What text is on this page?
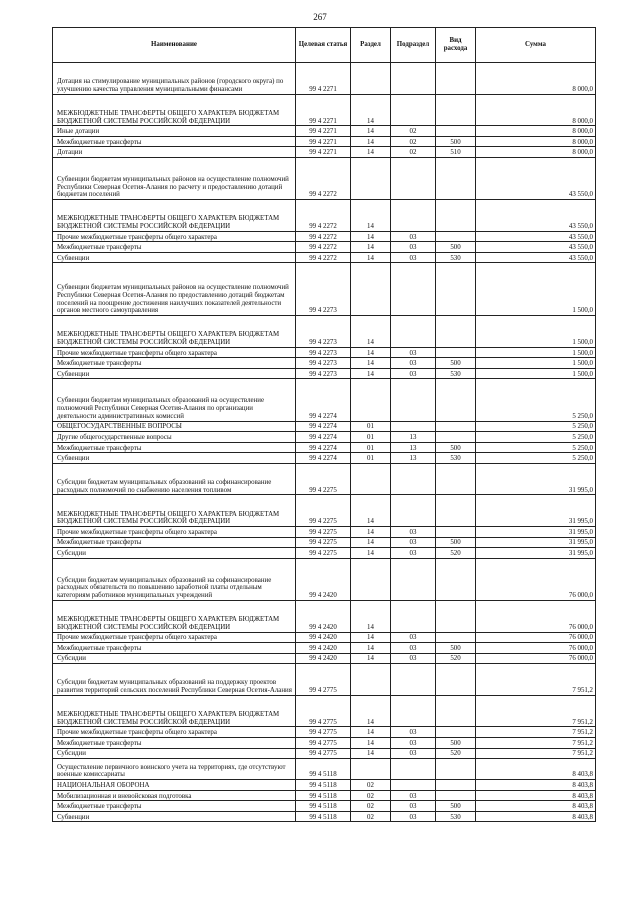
267
Наименование	Целевая статья	Раздел	Подраздел	Вид расхода	Сумма
Дотация на стимулирование муниципальных районов (городского округа) по улучшению качества управления муниципальными финансами	99 4 2271				8 000,0
МЕЖБЮДЖЕТНЫЕ ТРАНСФЕРТЫ ОБЩЕГО ХАРАКТЕРА БЮДЖЕТАМ БЮДЖЕТНОЙ СИСТЕМЫ РОССИЙСКОЙ ФЕДЕРАЦИИ	99 4 2271	14			8 000,0
Иные дотации	99 4 2271	14	02		8 000,0
Межбюджетные трансферты	99 4 2271	14	02	500	8 000,0
Дотации	99 4 2271	14	02	510	8 000,0
Субвенции бюджетам муниципальных районов на осуществление полномочий Республики Северная Осетия-Алания по расчету и предоставлению дотаций бюджетам поселений	99 4 2272				43 550,0
МЕЖБЮДЖЕТНЫЕ ТРАНСФЕРТЫ ОБЩЕГО ХАРАКТЕРА БЮДЖЕТАМ БЮДЖЕТНОЙ СИСТЕМЫ РОССИЙСКОЙ ФЕДЕРАЦИИ	99 4 2272	14			43 550,0
Прочие межбюджетные трансферты общего характера	99 4 2272	14	03		43 550,0
Межбюджетные трансферты	99 4 2272	14	03	500	43 550,0
Субвенции	99 4 2272	14	03	530	43 550,0
Субвенции бюджетам муниципальных районов на осуществление полномочий Республики Северная Осетия-Алания по предоставлению дотаций бюджетам поселений на поощрение достижения наилучших показателей деятельности органов местного самоуправления	99 4 2273				1 500,0
МЕЖБЮДЖЕТНЫЕ ТРАНСФЕРТЫ ОБЩЕГО ХАРАКТЕРА БЮДЖЕТАМ БЮДЖЕТНОЙ СИСТЕМЫ РОССИЙСКОЙ ФЕДЕРАЦИИ	99 4 2273	14			1 500,0
Прочие межбюджетные трансферты общего характера	99 4 2273	14	03		1 500,0
Межбюджетные трансферты	99 4 2273	14	03	500	1 500,0
Субвенции	99 4 2273	14	03	530	1 500,0
Субвенции бюджетам муниципальных образований на осуществление полномочий Республики Северная Осетия-Алания по организации деятельности административных комиссий	99 4 2274				5 250,0
ОБЩЕГОСУДАРСТВЕННЫЕ ВОПРОСЫ	99 4 2274	01			5 250,0
Другие общегосударственные вопросы	99 4 2274	01	13		5 250,0
Межбюджетные трансферты	99 4 2274	01	13	500	5 250,0
Субвенции	99 4 2274	01	13	530	5 250,0
Субсидии бюджетам муниципальных образований на софинансирование расходных полномочий по снабжению населения топливом	99 4 2275				31 995,0
МЕЖБЮДЖЕТНЫЕ ТРАНСФЕРТЫ ОБЩЕГО ХАРАКТЕРА БЮДЖЕТАМ БЮДЖЕТНОЙ СИСТЕМЫ РОССИЙСКОЙ ФЕДЕРАЦИИ	99 4 2275	14			31 995,0
Прочие межбюджетные трансферты общего характера	99 4 2275	14	03		31 995,0
Межбюджетные трансферты	99 4 2275	14	03	500	31 995,0
Субсидии	99 4 2275	14	03	520	31 995,0
Субсидии бюджетам муниципальных образований на софинансирование расходных обязательств по повышению заработной платы отдельным категориям работников муниципальных учреждений	99 4 2420				76 000,0
МЕЖБЮДЖЕТНЫЕ ТРАНСФЕРТЫ ОБЩЕГО ХАРАКТЕРА БЮДЖЕТАМ БЮДЖЕТНОЙ СИСТЕМЫ РОССИЙСКОЙ ФЕДЕРАЦИИ	99 4 2420	14			76 000,0
Прочие межбюджетные трансферты общего характера	99 4 2420	14	03		76 000,0
Межбюджетные трансферты	99 4 2420	14	03	500	76 000,0
Субсидии	99 4 2420	14	03	520	76 000,0
Субсидии бюджетам муниципальных образований на поддержку проектов развития территорий сельских поселений Республики Северная Осетия-Алания	99 4 2775				7 951,2
МЕЖБЮДЖЕТНЫЕ ТРАНСФЕРТЫ ОБЩЕГО ХАРАКТЕРА БЮДЖЕТАМ БЮДЖЕТНОЙ СИСТЕМЫ РОССИЙСКОЙ ФЕДЕРАЦИИ	99 4 2775	14			7 951,2
Прочие межбюджетные трансферты общего характера	99 4 2775	14	03		7 951,2
Межбюджетные трансферты	99 4 2775	14	03	500	7 951,2
Субсидии	99 4 2775	14	03	520	7 951,2
Осуществление первичного воинского учета на территориях, где отсутствуют военные комиссариаты	99 4 5118				8 403,8
НАЦИОНАЛЬНАЯ ОБОРОНА	99 4 5118	02			8 403,8
Мобилизационная и вневойсковая подготовка	99 4 5118	02	03		8 403,8
Межбюджетные трансферты	99 4 5118	02	03	500	8 403,8
Субвенции	99 4 5118	02	03	530	8 403,8
